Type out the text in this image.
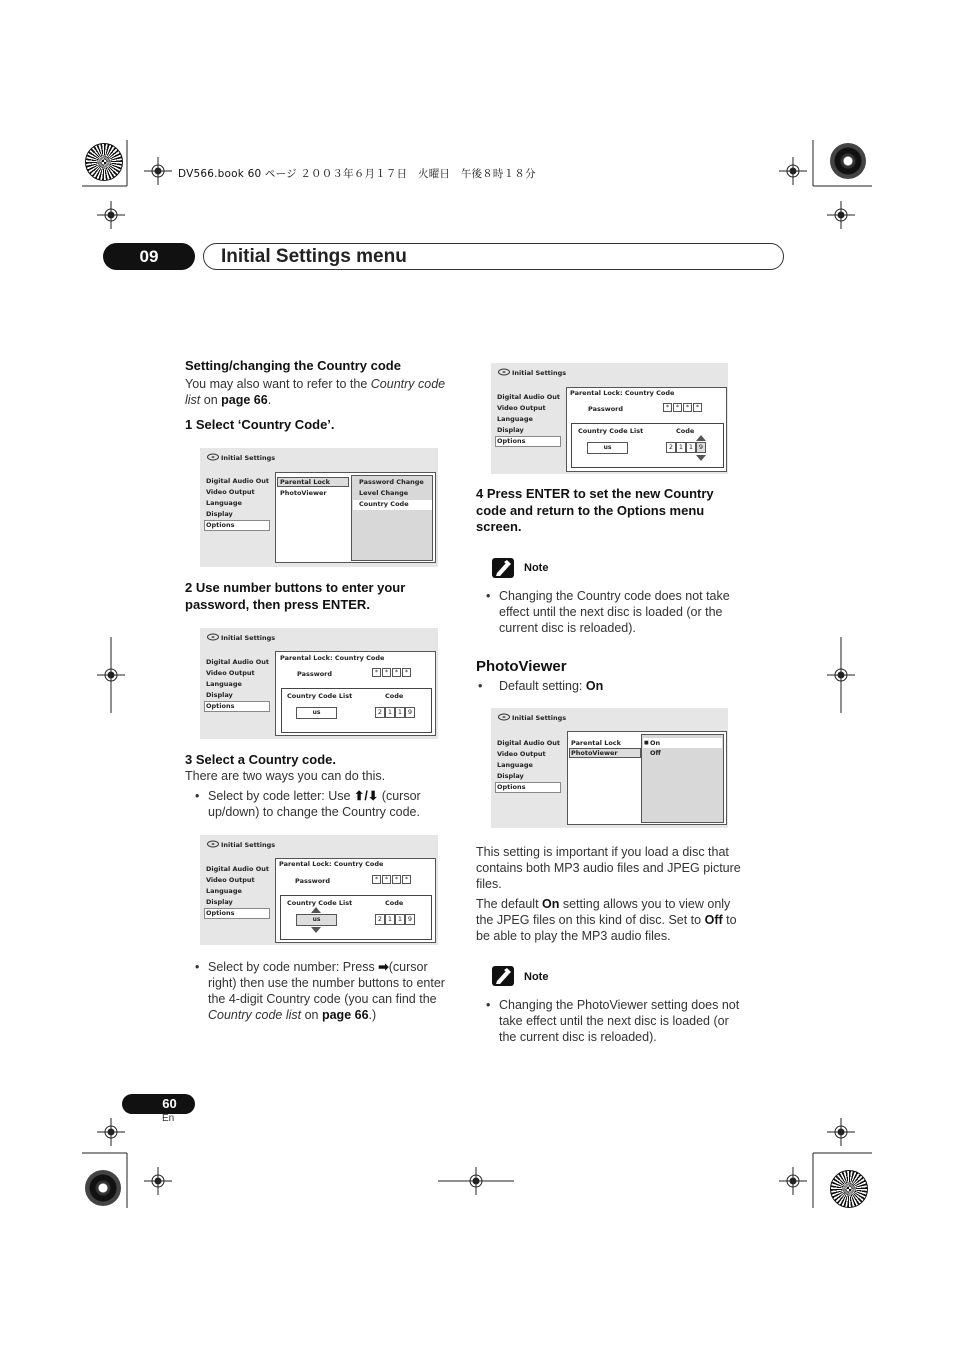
DV566.book 60 ページ ２００３年６月１７日　火曜日　午後８時１８分
09	Initial Settings menu
Setting/changing the Country code
You may also want to refer to the Country code list on page 66.
1 Select ‘Country Code’.
Initial Settings
Digital Audio Out
Video Output
Language
Display
Options
Parental Lock
PhotoViewer
Password Change
Level Change
Country Code
2 Use number buttons to enter your password, then press ENTER.
Initial Settings
Digital Audio Out
Video Output
Language
Display
Options
Parental Lock: Country Code
Password	*	*	*	*
Country Code List	Code
us	2 1 1 9
3 Select a Country code.
There are two ways you can do this.
• Select by code letter: Use ⬆/⬇ (cursor up/down) to change the Country code.
Initial Settings
Digital Audio Out
Video Output
Language
Display
Options
Parental Lock: Country Code
Password	*	*	*	*
Country Code List	Code
us	2 1 1 9
• Select by code number: Press ➡(cursor right) then use the number buttons to enter the 4-digit Country code (you can find the Country code list on page 66.)
Initial Settings
Digital Audio Out
Video Output
Language
Display
Options
Parental Lock: Country Code
Password	*	*	*	*
Country Code List	Code
us	2 1 1 9
4 Press ENTER to set the new Country code and return to the Options menu screen.
Note
• Changing the Country code does not take effect until the next disc is loaded (or the current disc is reloaded).
PhotoViewer
• Default setting: On
Initial Settings
Digital Audio Out
Video Output
Language
Display
Options
Parental Lock
PhotoViewer
■ On
Off
This setting is important if you load a disc that contains both MP3 audio files and JPEG picture files.
The default On setting allows you to view only the JPEG files on this kind of disc. Set to Off to be able to play the MP3 audio files.
Note
• Changing the PhotoViewer setting does not take effect until the next disc is loaded (or the current disc is reloaded).
60
En
